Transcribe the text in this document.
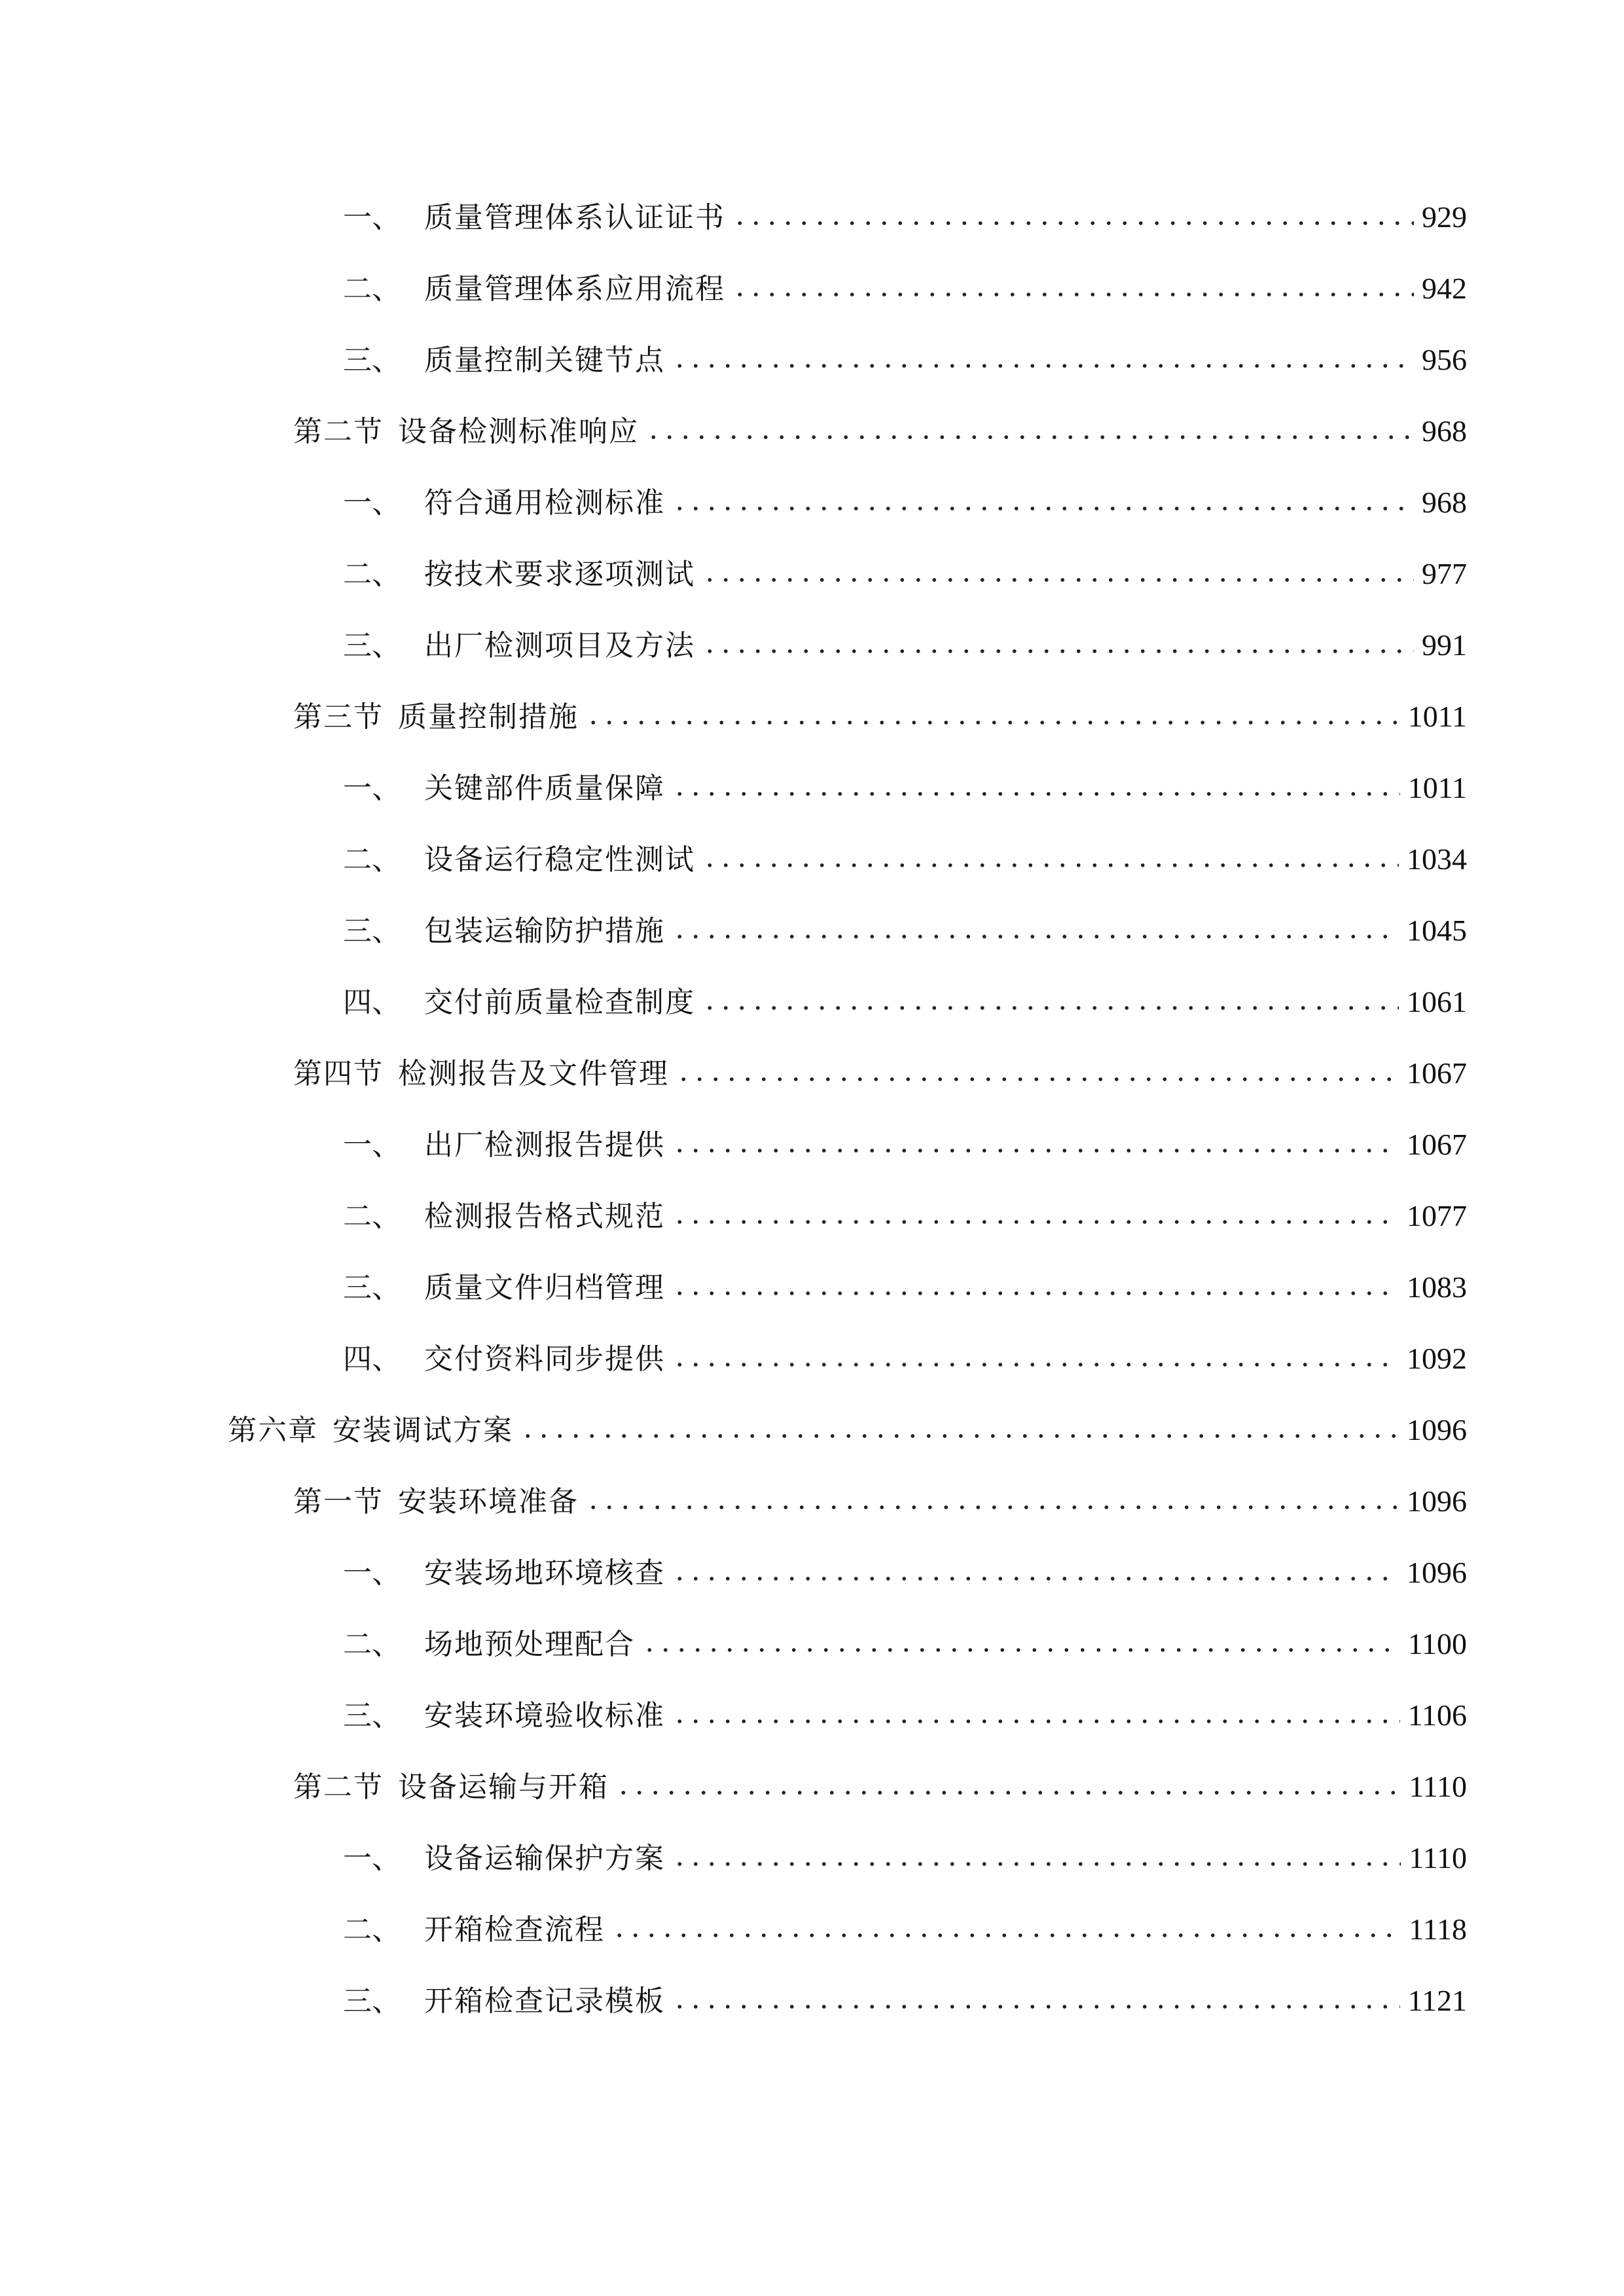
一、 质量管理体系认证证书	929
二、 质量管理体系应用流程	942
三、 质量控制关键节点	956
第二节 设备检测标准响应	968
一、 符合通用检测标准	968
二、 按技术要求逐项测试	977
三、 出厂检测项目及方法	991
第三节 质量控制措施	1011
一、 关键部件质量保障	1011
二、 设备运行稳定性测试	1034
三、 包装运输防护措施	1045
四、 交付前质量检查制度	1061
第四节 检测报告及文件管理	1067
一、 出厂检测报告提供	1067
二、 检测报告格式规范	1077
三、 质量文件归档管理	1083
四、 交付资料同步提供	1092
第六章 安装调试方案	1096
第一节 安装环境准备	1096
一、 安装场地环境核查	1096
二、 场地预处理配合	1100
三、 安装环境验收标准	1106
第二节 设备运输与开箱	1110
一、 设备运输保护方案	1110
二、 开箱检查流程	1118
三、 开箱检查记录模板	1121
